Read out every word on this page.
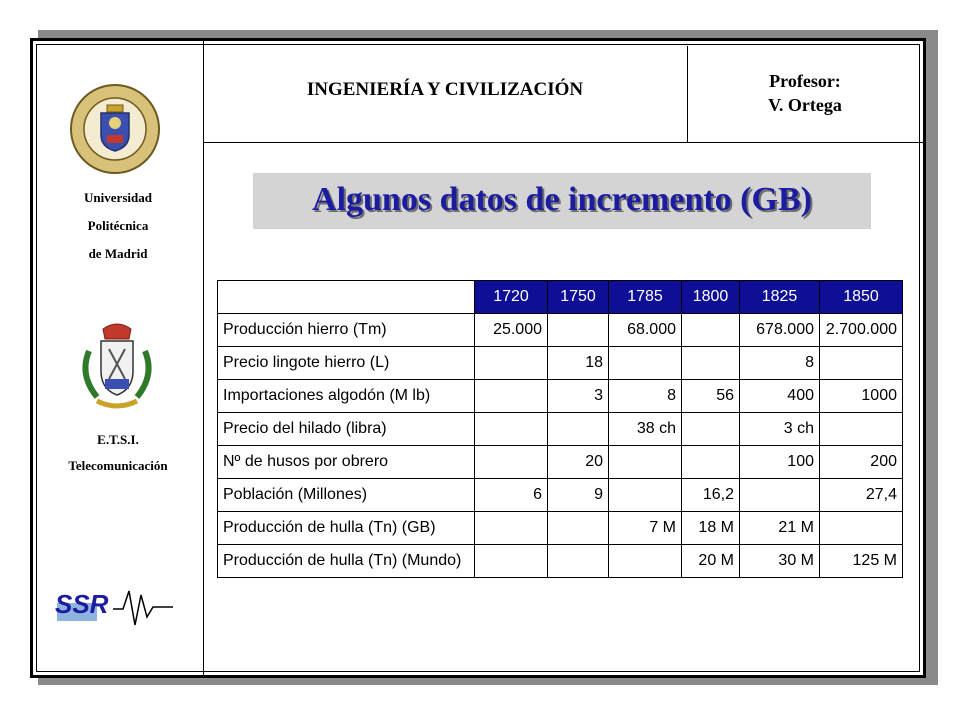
INGENIERÍA Y CIVILIZACIÓN	Profesor:
V. Ortega
Universidad
Politécnica
de Madrid
E.T.S.I.
Telecomunicación
SSR
Algunos datos de incremento (GB)
	1720	1750	1785	1800	1825	1850
Producción hierro (Tm)	25.000		68.000		678.000	2.700.000
Precio lingote hierro (L)		18			8	
Importaciones algodón (M lb)		3	8	56	400	1000
Precio del hilado (libra)			38 ch		3 ch	
Nº de husos por obrero		20			100	200
Población (Millones)	6	9		16,2		27,4
Producción de hulla (Tn) (GB)			7 M	18 M	21 M	
Producción de hulla (Tn) (Mundo)				20 M	30 M	125 M
